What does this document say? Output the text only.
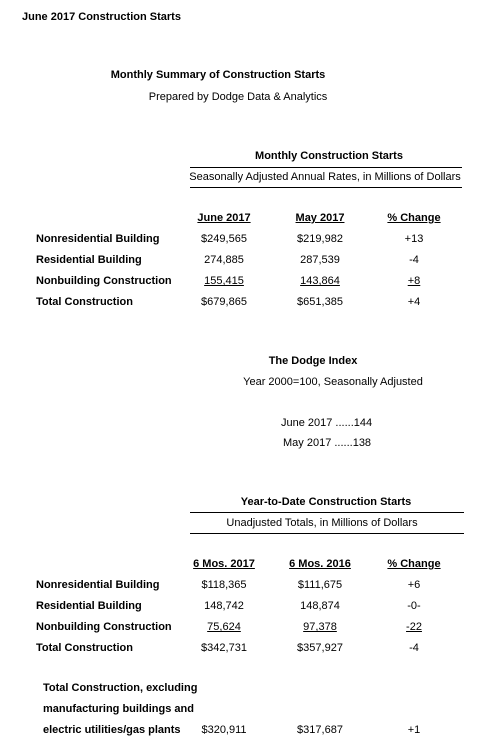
June 2017 Construction Starts
Monthly Summary of Construction Starts
Prepared by Dodge Data & Analytics
Monthly Construction Starts
Seasonally Adjusted Annual Rates, in Millions of Dollars
June 2017	May 2017	% Change
Nonresidential Building	$249,565	$219,982	+13
Residential Building	274,885	287,539	-4
Nonbuilding Construction	155,415	143,864	+8
Total Construction	$679,865	$651,385	+4
The Dodge Index
Year 2000=100, Seasonally Adjusted
June 2017 ......144
May 2017 ......138
Year-to-Date Construction Starts
Unadjusted Totals, in Millions of Dollars
6 Mos. 2017	6 Mos. 2016	% Change
Nonresidential Building	$118,365	$111,675	+6
Residential Building	148,742	148,874	-0-
Nonbuilding Construction	75,624	97,378	-22
Total Construction	$342,731	$357,927	-4
Total Construction, excluding
manufacturing buildings and
electric utilities/gas plants $320,911	$317,687	+1
